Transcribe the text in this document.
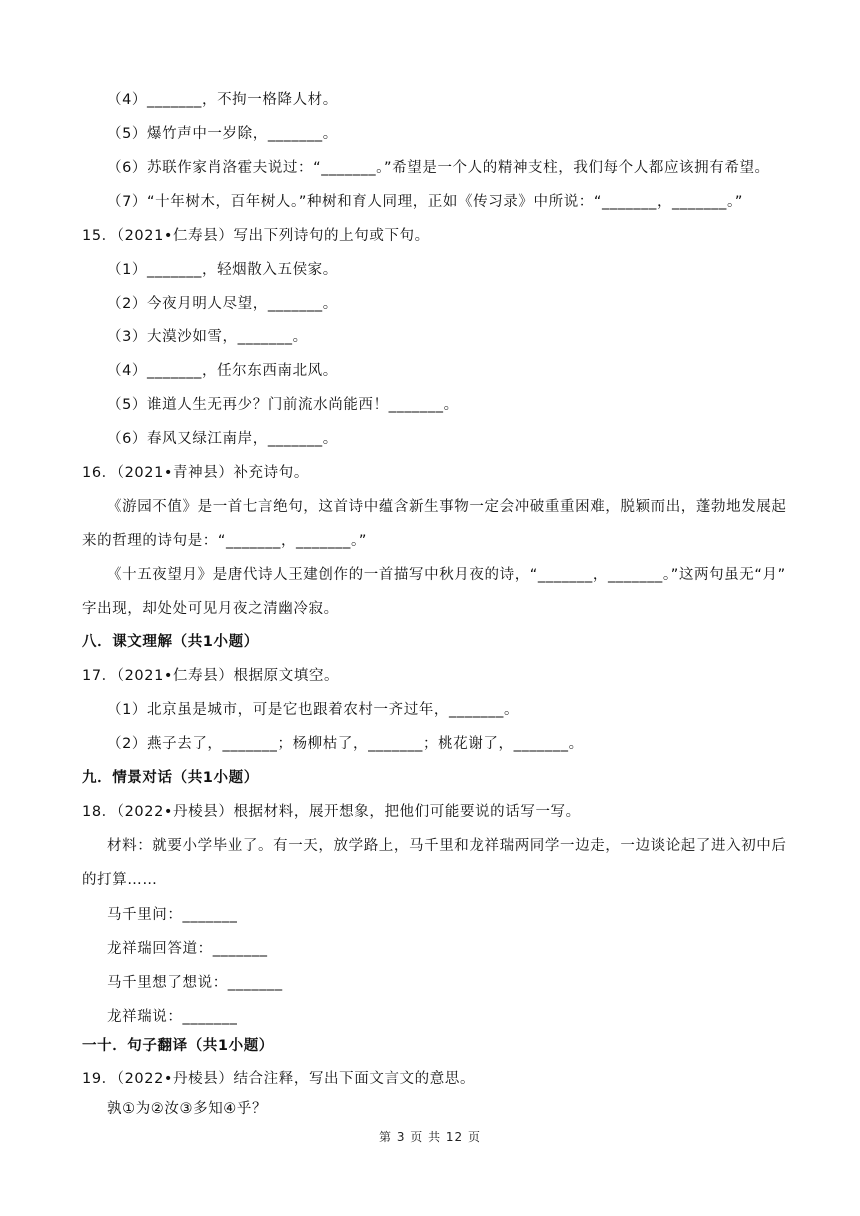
（4）_______，不拘一格降人材。
（5）爆竹声中一岁除，_______。
（6）苏联作家肖洛霍夫说过：“_______。”希望是一个人的精神支柱，我们每个人都应该拥有希望。
（7）“十年树木，百年树人。”种树和育人同理，正如《传习录》中所说：“_______，_______。”
15．（2021•仁寿县）写出下列诗句的上句或下句。
（1）_______，轻烟散入五侯家。
（2）今夜月明人尽望，_______。
（3）大漠沙如雪，_______。
（4）_______，任尔东西南北风。
（5）谁道人生无再少？门前流水尚能西！_______。
（6）春风又绿江南岸，_______。
16．（2021•青神县）补充诗句。
《游园不值》是一首七言绝句，这首诗中蕴含新生事物一定会冲破重重困难，脱颖而出，蓬勃地发展起
来的哲理的诗句是：“_______，_______。”
《十五夜望月》是唐代诗人王建创作的一首描写中秋月夜的诗，“_______，_______。”这两句虽无“月”
字出现，却处处可见月夜之清幽冷寂。
八．课文理解（共1小题）
17．（2021•仁寿县）根据原文填空。
（1）北京虽是城市，可是它也跟着农村一齐过年，_______。
（2）燕子去了，_______；杨柳枯了，_______；桃花谢了，_______。
九．情景对话（共1小题）
18．（2022•丹棱县）根据材料，展开想象，把他们可能要说的话写一写。
材料：就要小学毕业了。有一天，放学路上，马千里和龙祥瑞两同学一边走，一边谈论起了进入初中后
的打算……
马千里问：_______
龙祥瑞回答道：_______
马千里想了想说：_______
龙祥瑞说：_______
一十．句子翻译（共1小题）
19．（2022•丹棱县）结合注释，写出下面文言文的意思。
孰①为②汝③多知④乎？
第 3 页 共 12 页
